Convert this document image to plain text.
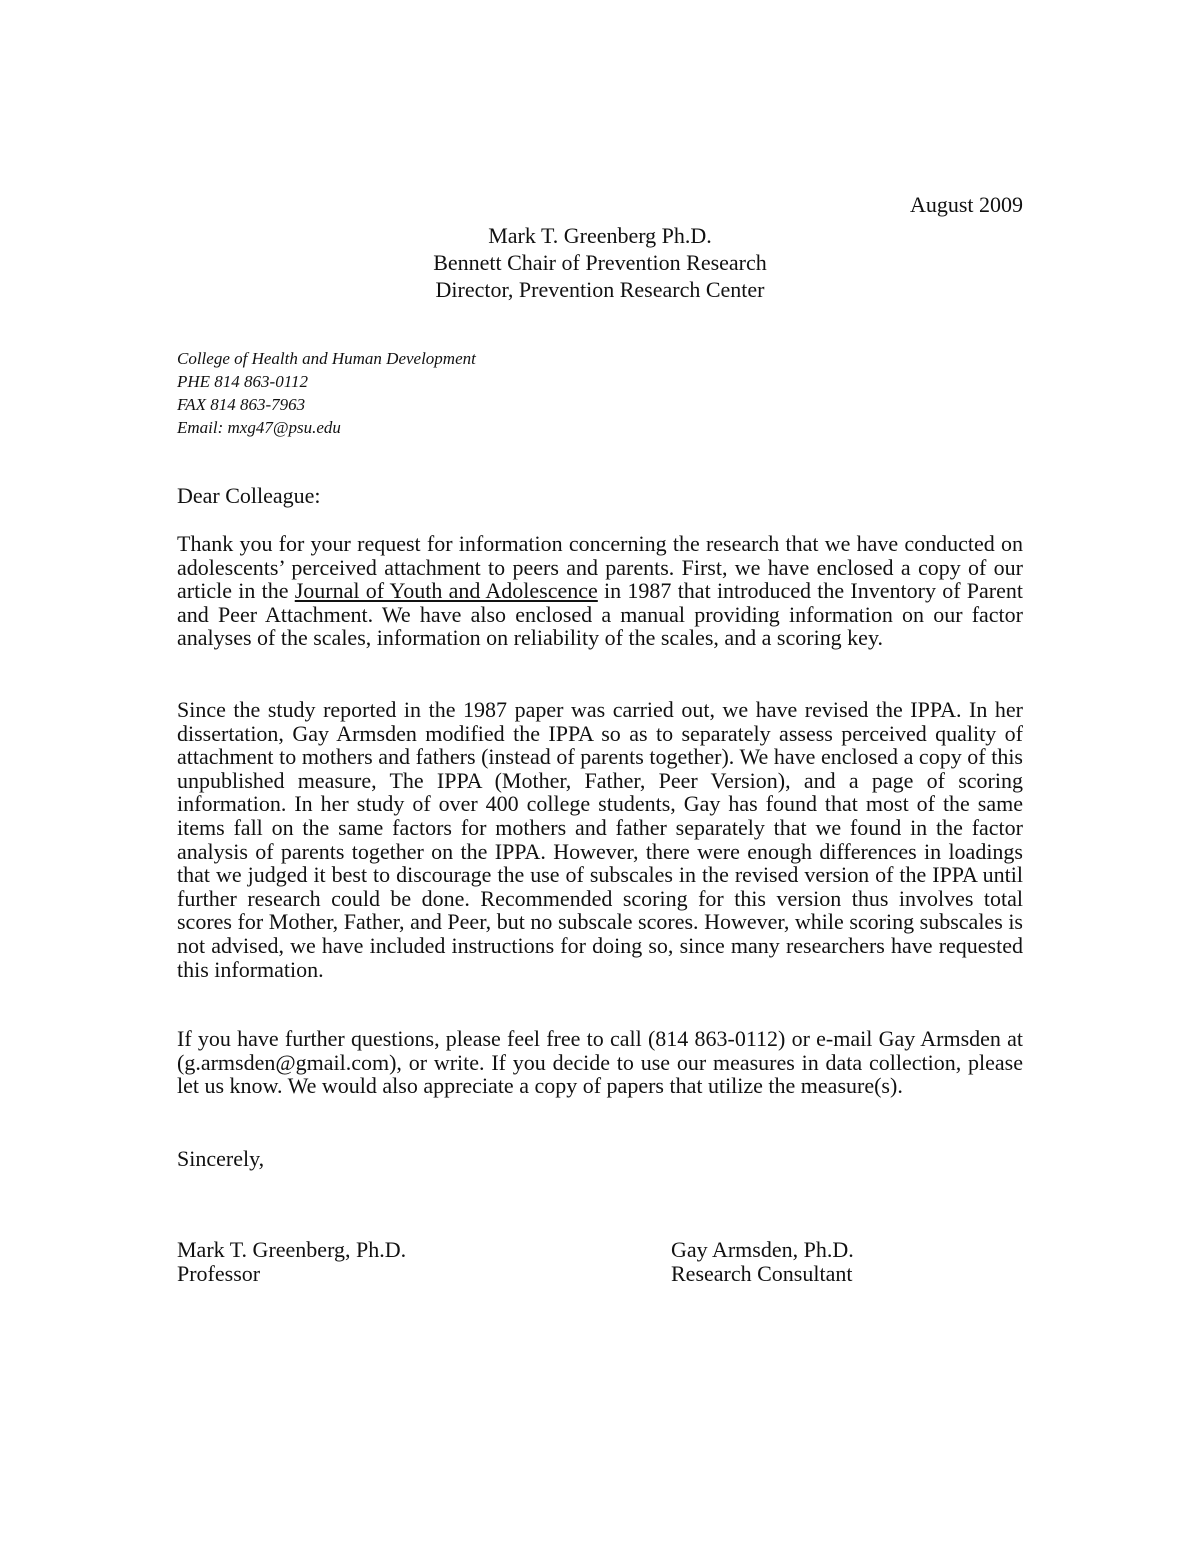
August 2009
Mark T. Greenberg Ph.D.
Bennett Chair of Prevention Research
Director, Prevention Research Center
College of Health and Human Development
PHE 814 863-0112
FAX 814 863-7963
Email: mxg47@psu.edu
Dear Colleague:

Thank you for your request for information concerning the research that we have conducted on adolescents’ perceived attachment to peers and parents. First, we have enclosed a copy of our article in the Journal of Youth and Adolescence in 1987 that introduced the Inventory of Parent and Peer Attachment. We have also enclosed a manual providing information on our factor analyses of the scales, information on reliability of the scales, and a scoring key.

Since the study reported in the 1987 paper was carried out, we have revised the IPPA. In her dissertation, Gay Armsden modified the IPPA so as to separately assess perceived quality of attachment to mothers and fathers (instead of parents together). We have enclosed a copy of this unpublished measure, The IPPA (Mother, Father, Peer Version), and a page of scoring information. In her study of over 400 college students, Gay has found that most of the same items fall on the same factors for mothers and father separately that we found in the factor analysis of parents together on the IPPA. However, there were enough differences in loadings that we judged it best to discourage the use of subscales in the revised version of the IPPA until further research could be done. Recommended scoring for this version thus involves total scores for Mother, Father, and Peer, but no subscale scores. However, while scoring subscales is not advised, we have included instructions for doing so, since many researchers have requested this information.

If you have further questions, please feel free to call (814 863-0112) or e-mail Gay Armsden at (g.armsden@gmail.com), or write. If you decide to use our measures in data collection, please let us know. We would also appreciate a copy of papers that utilize the measure(s).

Sincerely,
Mark T. Greenberg, Ph.D.
Professor
Gay Armsden, Ph.D.
Research Consultant
